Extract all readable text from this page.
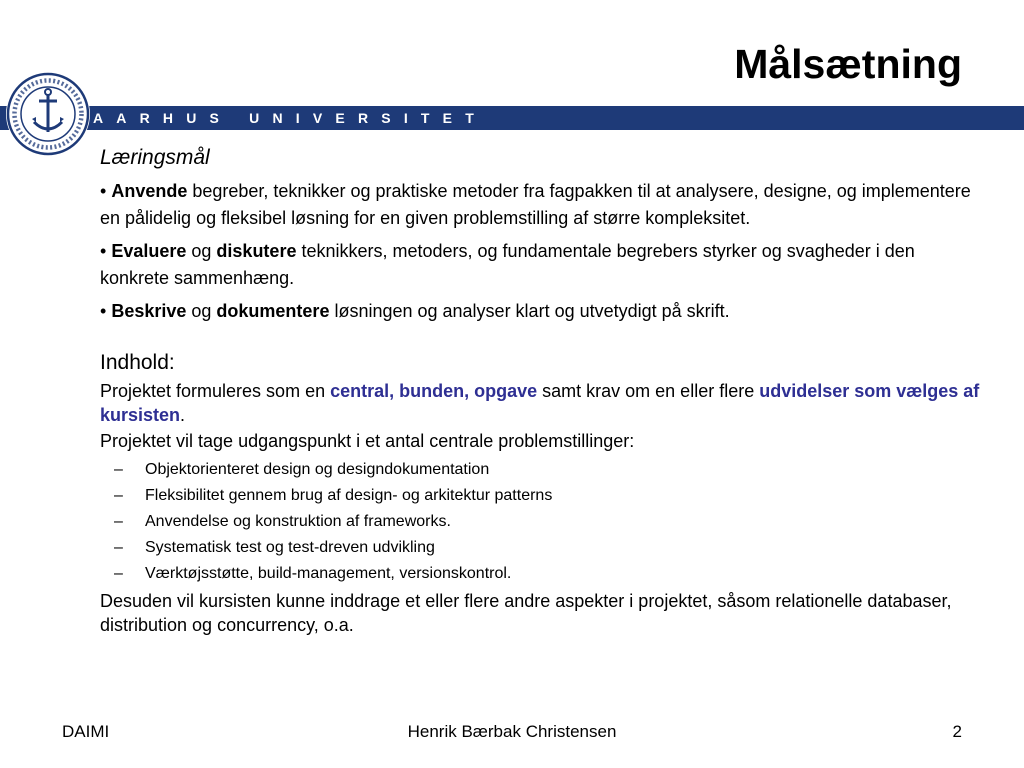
AARHUS UNIVERSITET
Målsætning
Læringsmål

• Anvende begreber, teknikker og praktiske metoder fra fagpakken til at analysere, designe, og implementere en pålidelig og fleksibel løsning for en given problemstilling af større kompleksitet.

• Evaluere og diskutere teknikkers, metoders, og fundamentale begrebers styrker og svagheder i den konkrete sammenhæng.

• Beskrive og dokumentere løsningen og analyser klart og utvetydigt på skrift.

Indhold:

Projektet formuleres som en central, bunden, opgave samt krav om en eller flere udvidelser som vælges af kursisten.

Projektet vil tage udgangspunkt i et antal centrale problemstillinger:

– Objektorienteret design og designdokumentation
– Fleksibilitet gennem brug af design- og arkitektur patterns
– Anvendelse og konstruktion af frameworks.
– Systematisk test og test-dreven udvikling
– Værktøjsstøtte, build-management, versionskontrol.

Desuden vil kursisten kunne inddrage et eller flere andre aspekter i projektet, såsom relationelle databaser, distribution og concurrency, o.a.

Henrik Bærbak Christensen
DAIMI	2
